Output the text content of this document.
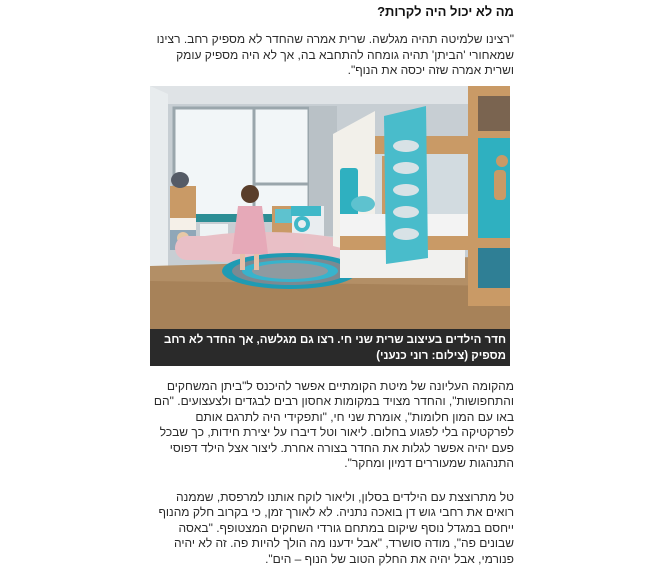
מה לא יכול היה לקרות?

"רצינו שלמיטה תהיה מגלשה. שרית אמרה שהחדר לא מספיק רחב. רצינו שמאחורי 'הביתן' תהיה גומחה להתחבא בה, אך לא היה מספיק עומק ושרית אמרה שזה יכסה את הנוף".

חדר הילדים בעיצוב שרית שני חי. רצו גם מגלשה, אך החדר לא רחב מספיק (צילום: רוני כנעני)

מהקומה העליונה של מיטת הקומתיים אפשר להיכנס ל"ביתן המשחקים והתחפושות", והחדר מצויד במקומות אחסון רבים לבגדים ולצעצועים. "הם באו עם המון חלומות", אומרת שני חי, "ותפקידי היה לתרגם אותם לפרקטיקה בלי לפגוע בחלום. ליאור וטל דיברו על יצירת חידות, כך שבכל פעם יהיה אפשר לגלות את החדר בצורה אחרת. ליצור אצל הילד דפוסי התנהגות שמעוררים דמיון ומחקר".

טל מתרוצצת עם הילדים בסלון, וליאור לוקח אותנו למרפסת, שממנה רואים את רחבי גוש דן בואכה נתניה. לא לאורך זמן, כי בקרוב חלק מהנוף ייחסם במגדל נוסף שיקום במתחם גורדי השחקים המצטופף. "באסה שבונים פה", מודה סושרד, "אבל ידענו מה הולך להיות פה. זה לא יהיה פנורמי, אבל יהיה את החלק הטוב של הנוף – הים".
